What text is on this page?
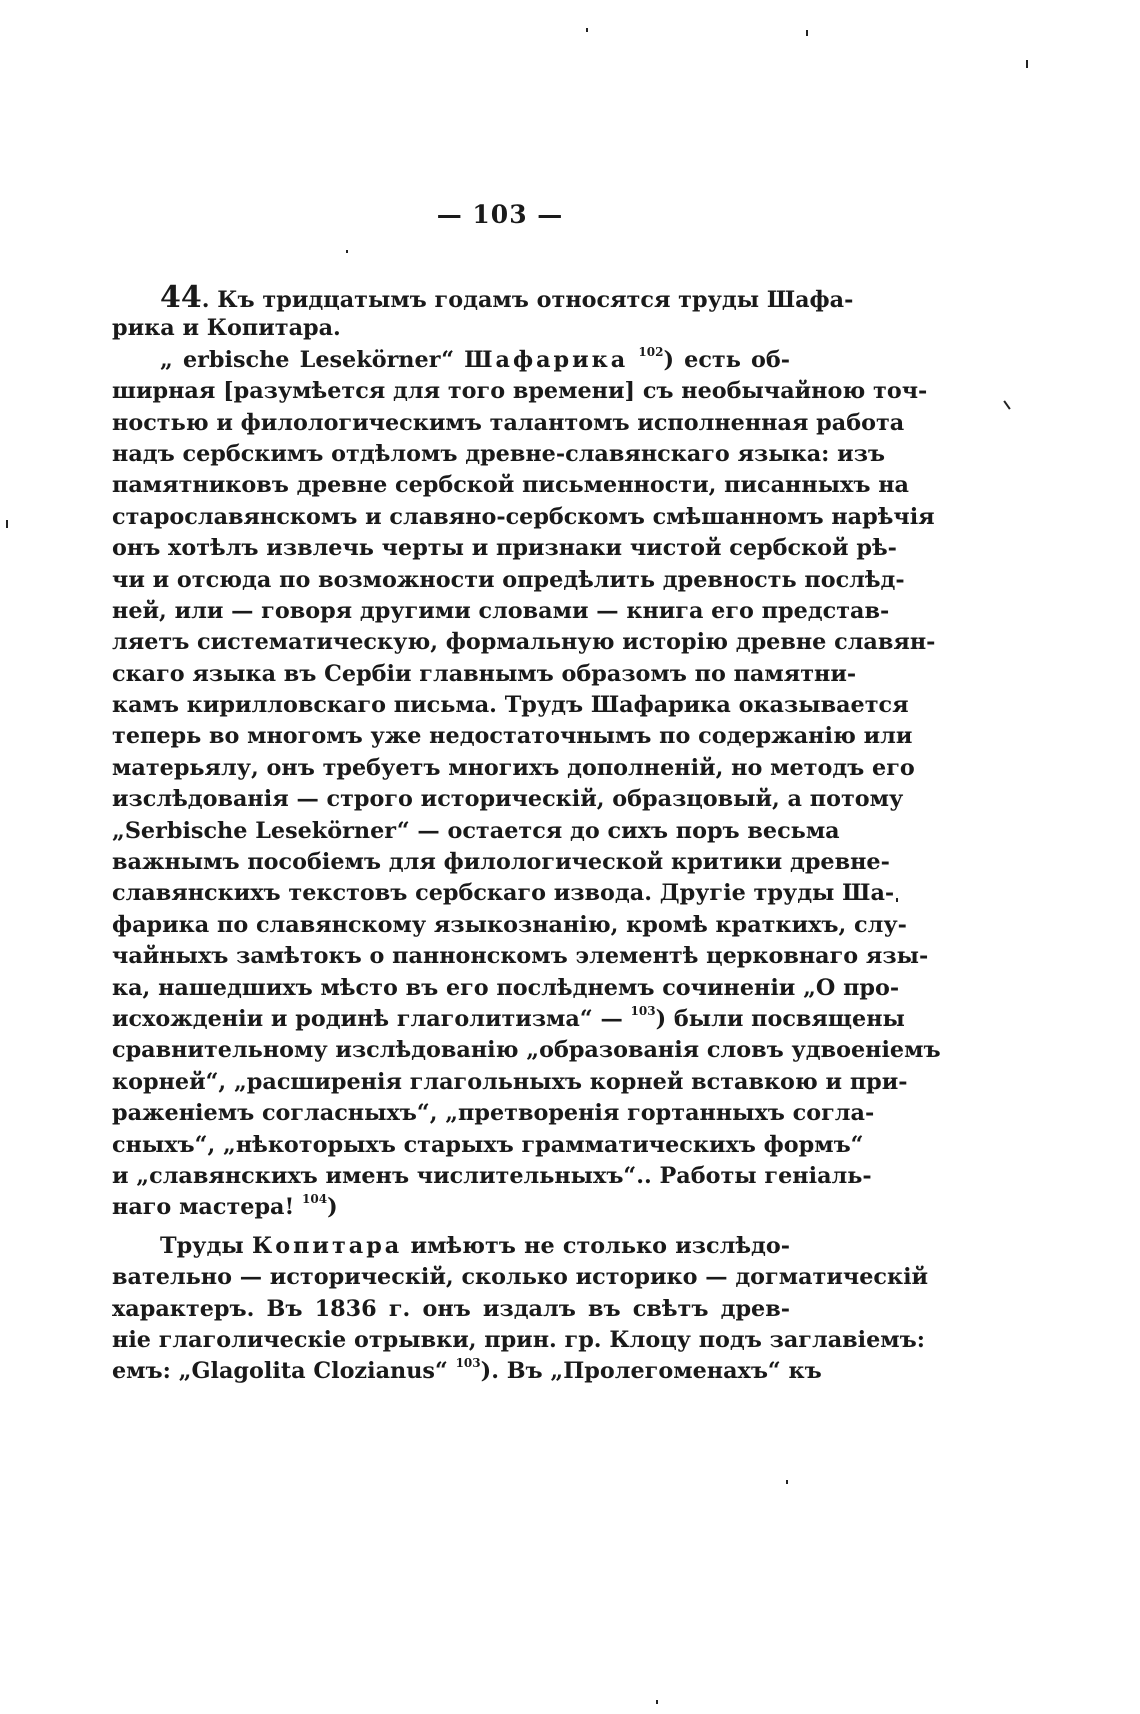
— 103 —
44. Къ тридцатымъ годамъ относятся труды Шафа-
рика и Копитара.
„ erbische Lesekörner“ Шафарика $^{102}$) есть об-
ширная [разумѣется для того времени] съ необычайною точ-
ностью и филологическимъ талантомъ исполненная работа
надъ сербскимъ отдѣломъ древне-славянскаго языка: изъ
памятниковъ древне сербской письменности, писанныхъ на
старославянскомъ и славяно-сербскомъ смѣшанномъ нарѣчія
онъ хотѣлъ извлечь черты и признаки чистой сербской рѣ-
чи и отсюда по возможности опредѣлить древность послѣд-
ней, или — говоря другими словами — книга его представ-
ляетъ систематическую, формальную исторію древне славян-
скаго языка въ Сербіи главнымъ образомъ по памятни-
камъ кирилловскаго письма. Трудъ Шафарика оказывается
теперь во многомъ уже недостаточнымъ по содержанію или
матерьялу, онъ требуетъ многихъ дополненій, но методъ его
изслѣдованія — строго историческій, образцовый, а потому
„Serbische Lesekörner“ — остается до сихъ поръ весьма
важнымъ пособіемъ для филологической критики древне-
славянскихъ текстовъ сербскаго извода. Другіе труды Ша-
фарика по славянскому языкознанію, кромѣ краткихъ, слу-
чайныхъ замѣтокъ о паннонскомъ элементѣ церковнаго язы-
ка, нашедшихъ мѣсто въ его послѣднемъ сочиненіи „О про-
исхожденіи и родинѣ глаголитизма“ — $^{103}$) были посвящены
сравнительному изслѣдованію „образованія словъ удвоеніемъ
корней“, „расширенія глагольныхъ корней вставкою и при-
раженіемъ согласныхъ“, „претворенія гортанныхъ согла-
сныхъ“, „нѣкоторыхъ старыхъ грамматическихъ формъ“
и „славянскихъ именъ числительныхъ“.. Работы геніаль-
наго мастера! $^{104}$)
Труды Копитара имѣютъ не столько изслѣдо-
вательно — историческій, сколько историко — догматическій
характеръ. Въ 1836 г. онъ издалъ въ свѣтъ древ-
ніе глаголическіе отрывки, прин. гр. Клоцу подъ заглавіемъ:
емъ: „Glagolita Clozianus“ $^{103}$). Въ „Пролегоменахъ“ къ
